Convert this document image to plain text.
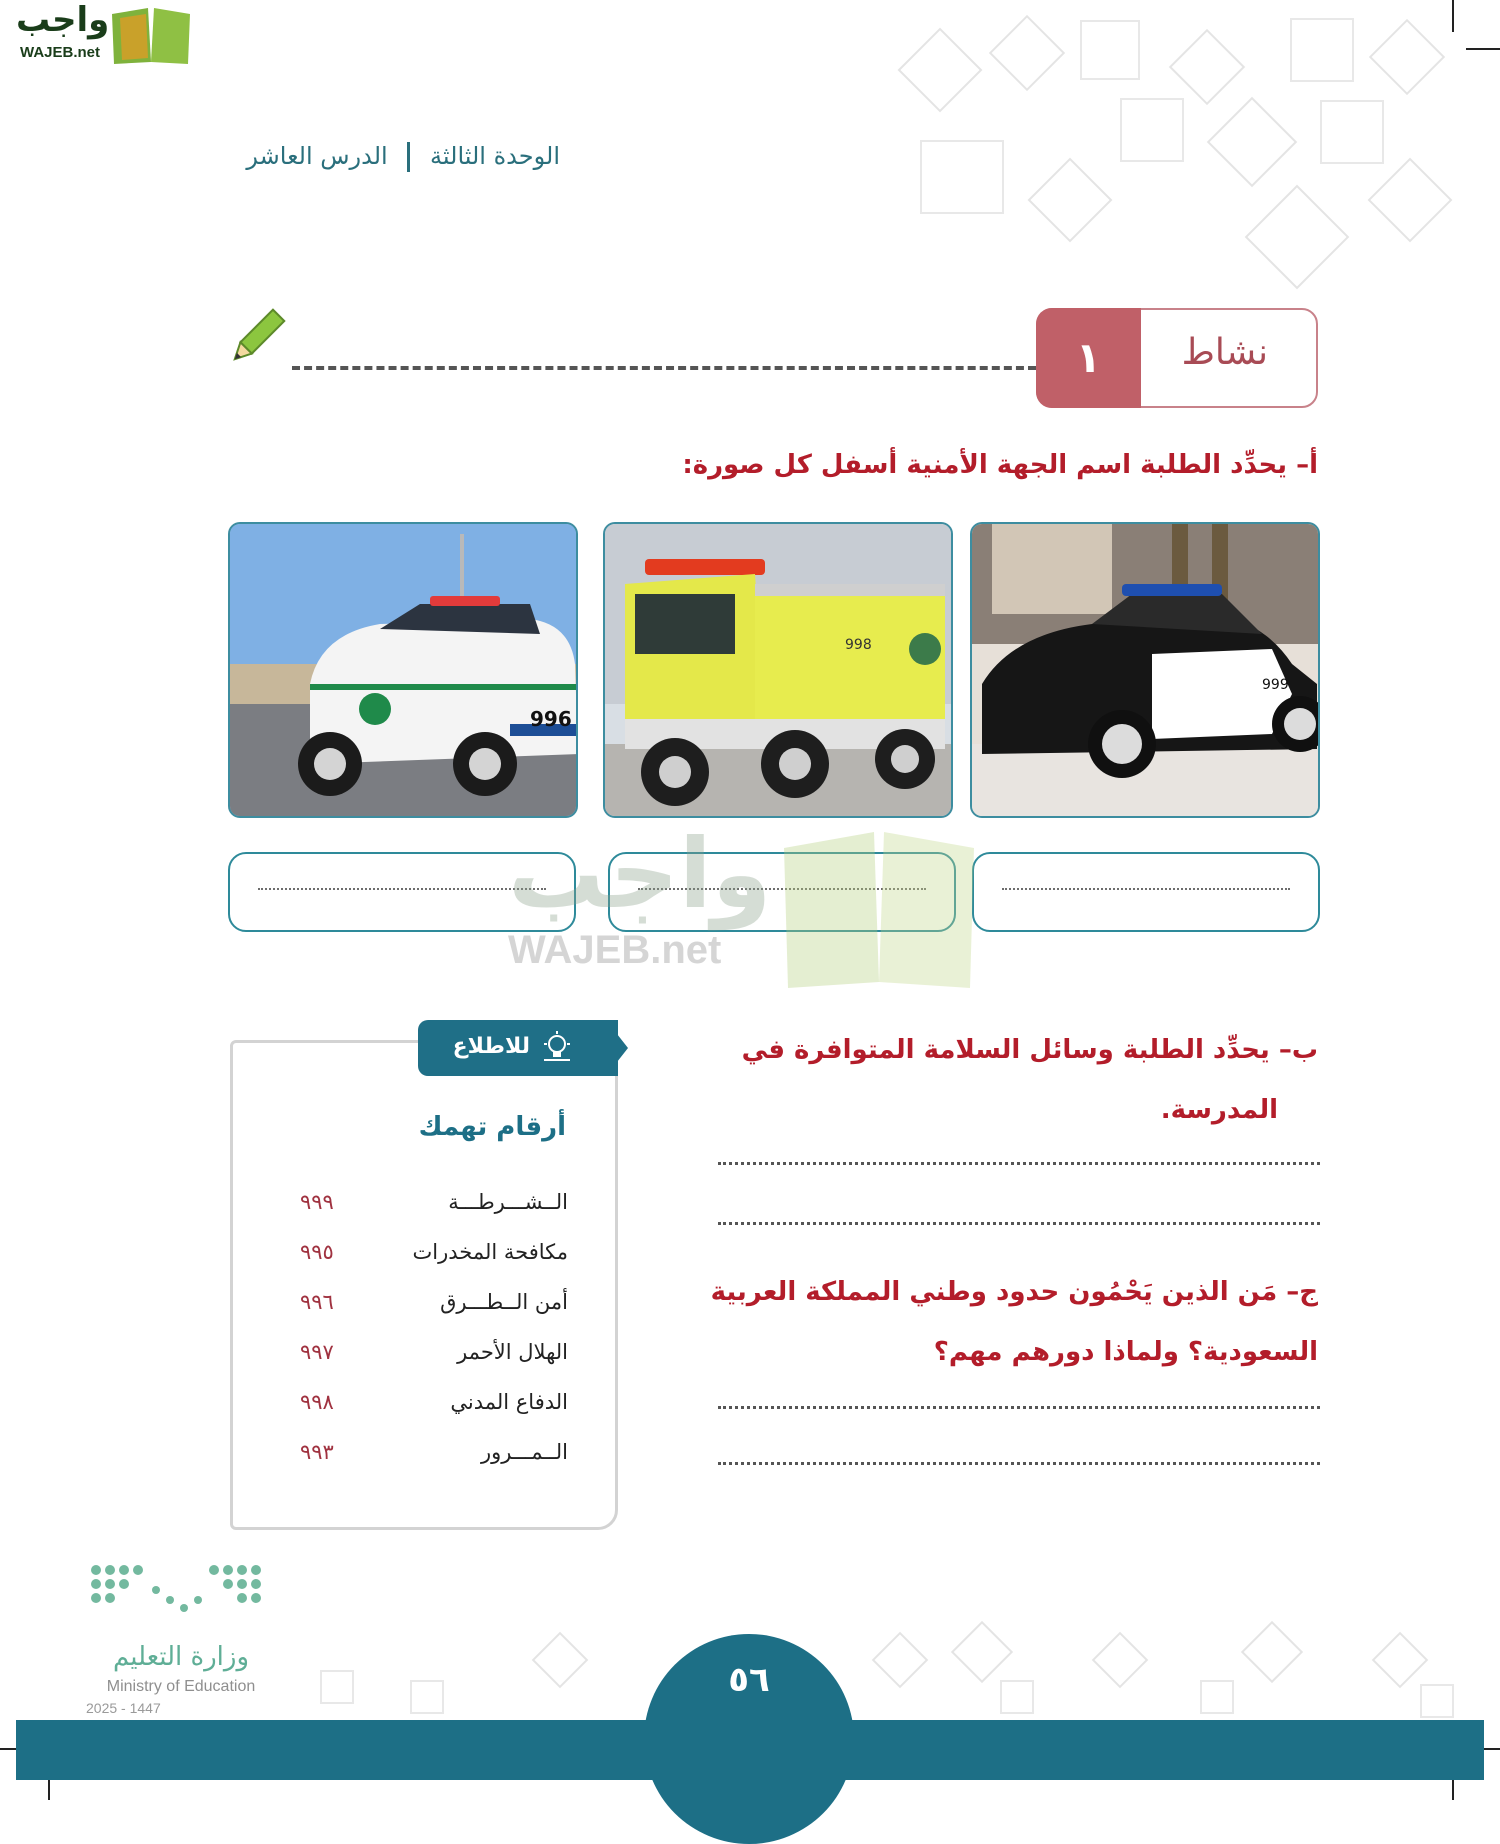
واجب
WAJEB.net
الوحدة الثالثة  الدرس العاشر
نشاط
١
أ– يحدِّد الطلبة اسم الجهة الأمنية أسفل كل صورة:
999
998
996
واجب
WAJEB.net
ب– يحدِّد الطلبة وسائل السلامة المتوافرة في
المدرسة.
ج– مَن الذين يَحْمُون حدود وطني المملكة العربية
السعودية؟ ولماذا دورهم مهم؟
للاطلاع
أرقام تهمك
الــشـــرطـــة
٩٩٩
مكافحة المخدرات
٩٩٥
أمن الــطـــرق
٩٩٦
الهلال الأحمر
٩٩٧
الدفاع المدني
٩٩٨
الــمـــرور
٩٩٣
وزارة التعليم
Ministry of Education
2025 - 1447
٥٦
